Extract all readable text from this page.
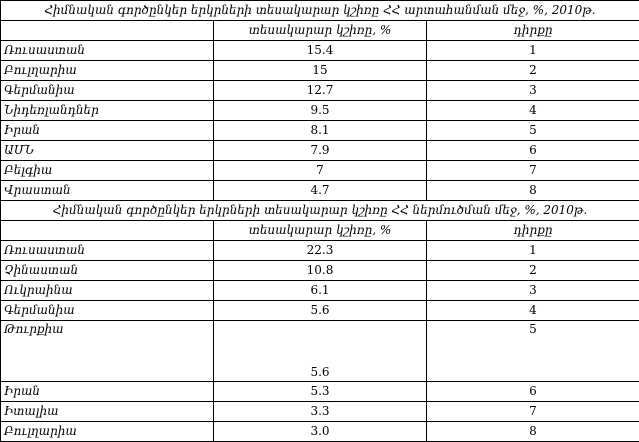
Հիմնական գործընկեր երկրների տեսակարար կշիռը ՀՀ արտահանման մեջ, %, 2010թ.		
	տեսակարար կշիռը, %	դիրքը
Ռուսաստան	15.4	1
Բուլղարիա	15	2
Գերմանիա	12.7	3
Նիդեռլանդներ	9.5	4
Իրան	8.1	5
ԱՄՆ	7.9	6
Բելգիա	7	7
Վրաստան	4.7	8
Հիմնական գործընկեր երկրների տեսակարար կշիռը ՀՀ ներմուծման մեջ, %, 2010թ.		
	տեսակարար կշիռը, %	դիրքը
Ռուսաստան	22.3	1
Չինաստան	10.8	2
Ուկրաինա	6.1	3
Գերմանիա	5.6	4
Թուրքիա	5.6	5
Իրան	5.3	6
Իտալիա	3.3	7
Բուլղարիա	3.0	8
